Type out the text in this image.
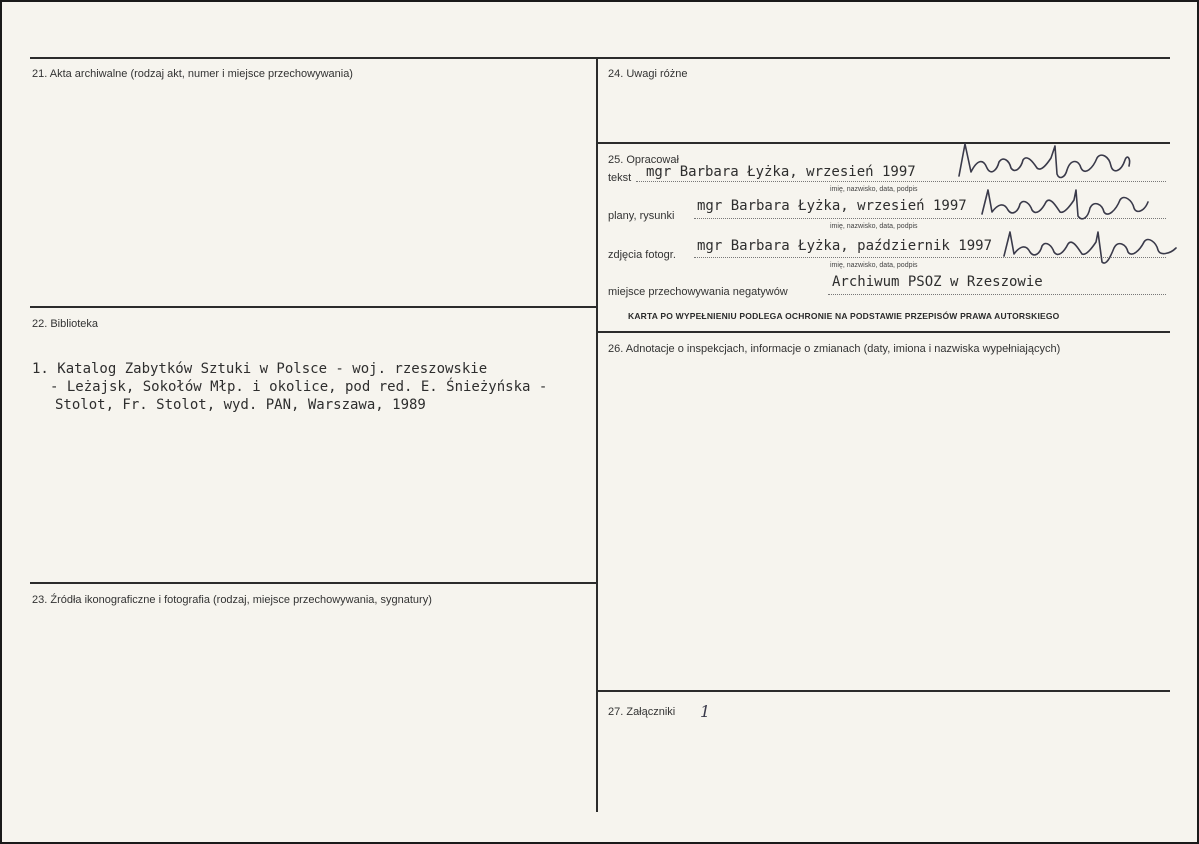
21. Akta archiwalne (rodzaj akt, numer i miejsce przechowywania)
22. Biblioteka
1. Katalog Zabytków Sztuki w Polsce - woj. rzeszowskie
- Leżajsk, Sokołów Młp. i okolice, pod red. E. Śnieżyńska -
Stolot, Fr. Stolot, wyd. PAN, Warszawa, 1989
23. Źródła ikonograficzne i fotografia (rodzaj, miejsce przechowywania, sygnatury)
24. Uwagi różne
25. Opracował
tekst mgr Barbara Łyżka, wrzesień 1997
imię, nazwisko, data, podpis
plany, rysunki
mgr Barbara Łyżka, wrzesień 1997
imię, nazwisko, data, podpis
zdjęcia fotogr.
mgr Barbara Łyżka, październik 1997
imię, nazwisko, data, podpis
miejsce przechowywania negatywów
Archiwum PSOZ w Rzeszowie
KARTA PO WYPEŁNIENIU PODLEGA OCHRONIE NA PODSTAWIE PRZEPISÓW PRAWA AUTORSKIEGO
26. Adnotacje o inspekcjach, informacje o zmianach (daty, imiona i nazwiska wypełniających)
27. Załączniki 1
